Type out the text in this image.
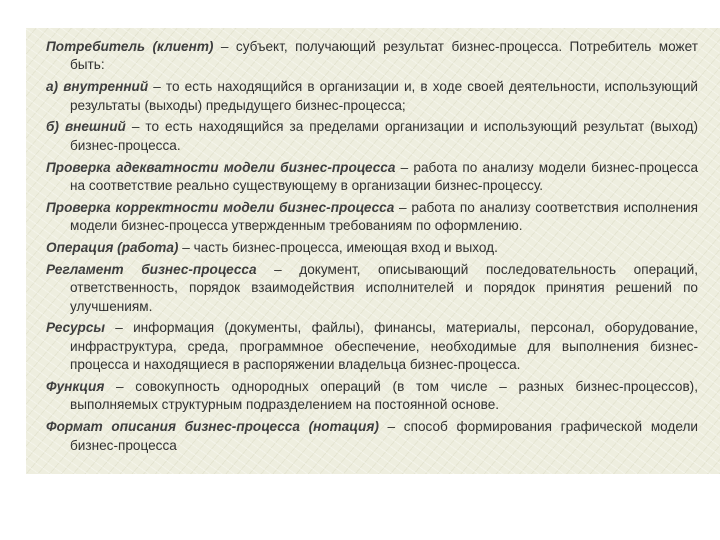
Потребитель (клиент) – субъект, получающий результат бизнес-процесса. Потребитель может быть:
а) внутренний – то есть находящийся в организации и, в ходе своей деятельности, использующий результаты (выходы) предыдущего бизнес-процесса;
б) внешний – то есть находящийся за пределами организации и использующий результат (выход) бизнес-процесса.
Проверка адекватности модели бизнес-процесса – работа по анализу модели бизнес-процесса на соответствие реально существующему в организации бизнес-процессу.
Проверка корректности модели бизнес-процесса – работа по анализу соответствия исполнения модели бизнес-процесса утвержденным требованиям по оформлению.
Операция (работа) – часть бизнес-процесса, имеющая вход и выход.
Регламент бизнес-процесса – документ, описывающий последовательность операций, ответственность, порядок взаимодействия исполнителей и порядок принятия решений по улучшениям.
Ресурсы – информация (документы, файлы), финансы, материалы, персонал, оборудование, инфраструктура, среда, программное обеспечение, необходимые для выполнения бизнес-процесса и находящиеся в распоряжении владельца бизнес-процесса.
Функция – совокупность однородных операций (в том числе – разных бизнес-процессов), выполняемых структурным подразделением на постоянной основе.
Формат описания бизнес-процесса (нотация) – способ формирования графической модели бизнес-процесса
